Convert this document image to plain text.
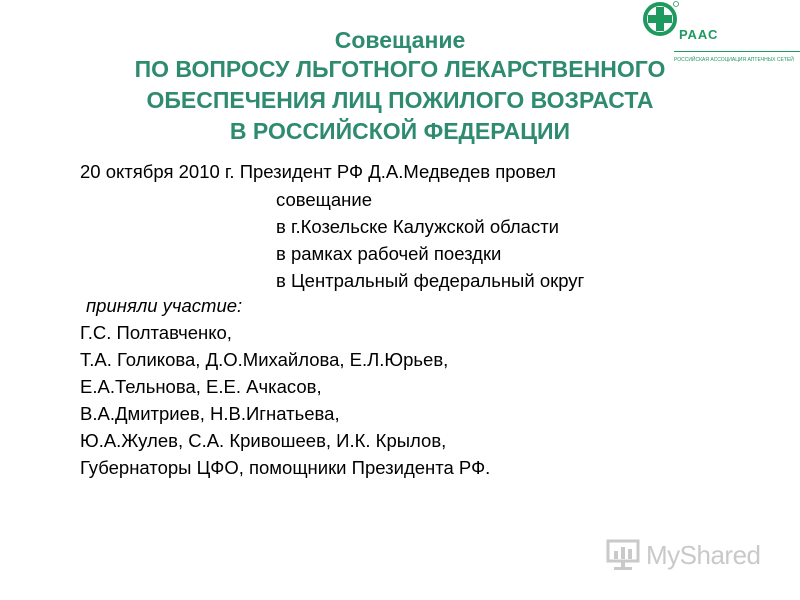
РААС
РОССИЙСКАЯ АССОЦИАЦИЯ АПТЕЧНЫХ СЕТЕЙ
Совещание
ПО ВОПРОСУ ЛЬГОТНОГО ЛЕКАРСТВЕННОГО
ОБЕСПЕЧЕНИЯ ЛИЦ ПОЖИЛОГО ВОЗРАСТА
В РОССИЙСКОЙ ФЕДЕРАЦИИ
20 октября 2010 г. Президент РФ Д.А.Медведев провел
совещание
в г.Козельске Калужской области
в рамках рабочей поездки
в Центральный федеральный округ
приняли участие:
Г.С. Полтавченко,
Т.А. Голикова, Д.О.Михайлова, Е.Л.Юрьев,
Е.А.Тельнова, Е.Е. Ачкасов,
В.А.Дмитриев, Н.В.Игнатьева,
Ю.А.Жулев, С.А. Кривошеев, И.К. Крылов,
Губернаторы ЦФО, помощники Президента РФ.
MyShared
